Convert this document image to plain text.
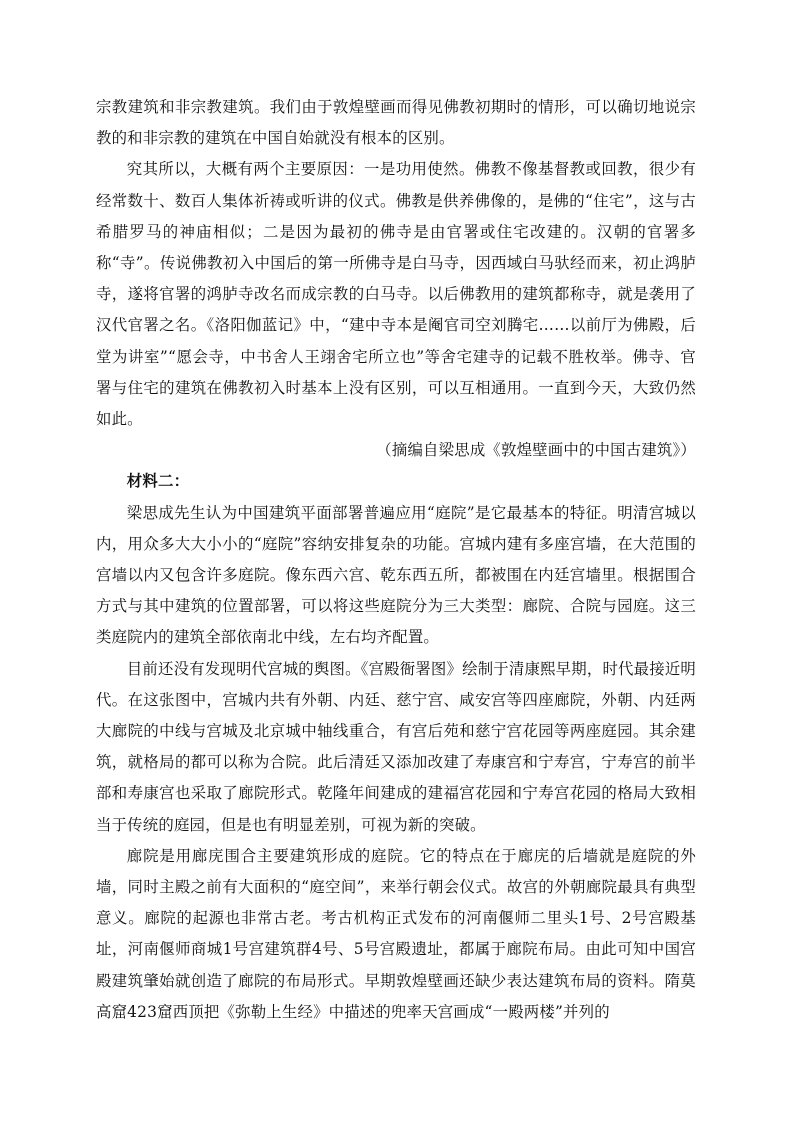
宗教建筑和非宗教建筑。我们由于敦煌壁画而得见佛教初期时的情形，可以确切地说宗教的和非宗教的建筑在中国自始就没有根本的区别。

究其所以，大概有两个主要原因：一是功用使然。佛教不像基督教或回教，很少有经常数十、数百人集体祈祷或听讲的仪式。佛教是供养佛像的，是佛的“住宅”，这与古希腊罗马的神庙相似；二是因为最初的佛寺是由官署或住宅改建的。汉朝的官署多称“寺”。传说佛教初入中国后的第一所佛寺是白马寺，因西域白马驮经而来，初止鸿胪寺，遂将官署的鸿胪寺改名而成宗教的白马寺。以后佛教用的建筑都称寺，就是袭用了汉代官署之名。《洛阳伽蓝记》中，“建中寺本是阉官司空刘腾宅……以前厅为佛殿，后堂为讲室”“愿会寺，中书舍人王翊舍宅所立也”等舍宅建寺的记载不胜枚举。佛寺、官署与住宅的建筑在佛教初入时基本上没有区别，可以互相通用。一直到今天，大致仍然如此。

（摘编自梁思成《敦煌壁画中的中国古建筑》）

材料二：

梁思成先生认为中国建筑平面部署普遍应用“庭院”是它最基本的特征。明清宫城以内，用众多大大小小的“庭院”容纳安排复杂的功能。宫城内建有多座宫墙，在大范围的宫墙以内又包含许多庭院。像东西六宫、乾东西五所，都被围在内廷宫墙里。根据围合方式与其中建筑的位置部署，可以将这些庭院分为三大类型：廊院、合院与园庭。这三类庭院内的建筑全部依南北中线，左右均齐配置。

目前还没有发现明代宫城的舆图。《宫殿衙署图》绘制于清康熙早期，时代最接近明代。在这张图中，宫城内共有外朝、内廷、慈宁宫、咸安宫等四座廊院，外朝、内廷两大廊院的中线与宫城及北京城中轴线重合，有宫后苑和慈宁宫花园等两座庭园。其余建筑，就格局的都可以称为合院。此后清廷又添加改建了寿康宫和宁寿宫，宁寿宫的前半部和寿康宫也采取了廊院形式。乾隆年间建成的建福宫花园和宁寿宫花园的格局大致相当于传统的庭园，但是也有明显差别，可视为新的突破。

廊院是用廊庑围合主要建筑形成的庭院。它的特点在于廊庑的后墙就是庭院的外墙，同时主殿之前有大面积的“庭空间”，来举行朝会仪式。故宫的外朝廊院最具有典型意义。廊院的起源也非常古老。考古机构正式发布的河南偃师二里头1号、2号宫殿基址，河南偃师商城1号宫建筑群4号、5号宫殿遗址，都属于廊院布局。由此可知中国宫殿建筑肇始就创造了廊院的布局形式。早期敦煌壁画还缺少表达建筑布局的资料。隋莫高窟423窟西顶把《弥勒上生经》中描述的兜率天宫画成“一殿两楼”并列的
